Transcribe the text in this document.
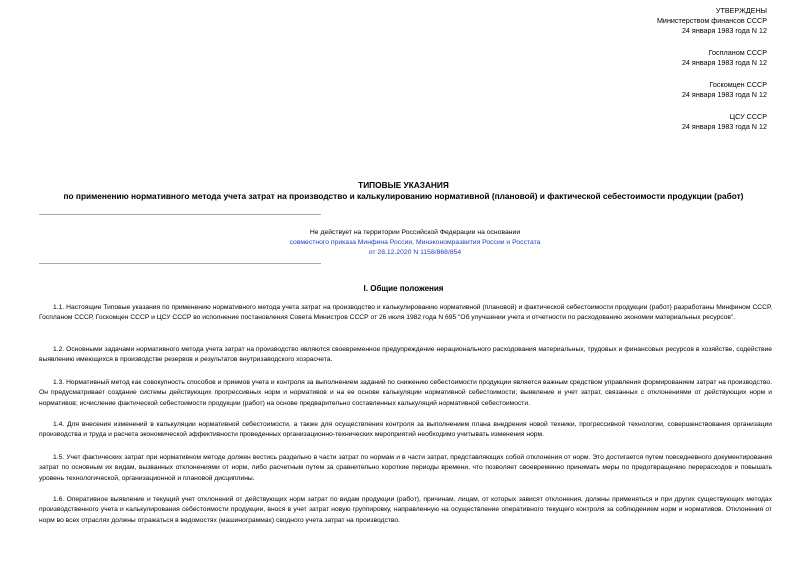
УТВЕРЖДЕНЫ
Министерством финансов СССР
24 января 1983 года N 12
Госпланом СССР
24 января 1983 года N 12
Госкомцен СССР
24 января 1983 года N 12
ЦСУ СССР
24 января 1983 года N 12
ТИПОВЫЕ УКАЗАНИЯ
по применению нормативного метода учета затрат на производство и калькулированию нормативной (плановой) и фактической себестоимости продукции (работ)
Не действует на территории Российской Федерации на основании
совместного приказа Минфина России, Минэкономразвития России и Росстата
от 28.12.2020 N 1158/868/854
I. Общие положения
1.1. Настоящие Типовые указания по применению нормативного метода учета затрат на производство и калькулированию нормативной (плановой) и фактической себестоимости продукции (работ) разработаны Минфином СССР, Госпланом СССР, Госкомцен СССР и ЦСУ СССР во исполнение постановления Совета Министров СССР от 26 июля 1982 года N 695 "Об улучшении учета и отчетности по расходованию экономии материальных ресурсов".
1.2. Основными задачами нормативного метода учета затрат на производство являются своевременное предупреждение нерационального расходования материальных, трудовых и финансовых ресурсов в хозяйстве, содействие выявлению имеющихся в производстве резервов и результатов внутризаводского хозрасчета.
1.3. Нормативный метод как совокупность способов и приемов учета и контроля за выполнением заданий по снижению себестоимости продукции является важным средством управления формированием затрат на производство. Он предусматривает создание системы действующих прогрессивных норм и нормативов и на ее основе калькуляции нормативной себестоимости; выявление и учет затрат, связанных с отклонениями от действующих норм и нормативов; исчисление фактической себестоимости продукции (работ) на основе предварительно составленных калькуляций нормативной себестоимости.
1.4. Для внесения изменений в калькуляции нормативной себестоимости, а также для осуществления контроля за выполнением плана внедрения новой техники, прогрессивной технологии, совершенствования организации производства и труда и расчета экономической эффективности проведенных организационно-технических мероприятий необходимо учитывать изменения норм.
1.5. Учет фактических затрат при нормативном методе должен вестись раздельно в части затрат по нормам и в части затрат, представляющих собой отклонения от норм. Это достигается путем повседневного документирования затрат по основным их видам, вызванных отклонениями от норм, либо расчетным путем за сравнительно короткие периоды времени, что позволяет своевременно принимать меры по предотвращению перерасходов и повышать уровень технологической, организационной и плановой дисциплины.
1.6. Оперативное выявление и текущий учет отклонений от действующих норм затрат по видам продукции (работ), причинам, лицам, от которых зависят отклонения, должны применяться и при других существующих методах производственного учета и калькулирования себестоимости продукции, внося в учет затрат новую группировку, направленную на осуществление оперативного текущего контроля за соблюдением норм и нормативов. Отклонения от норм во всех отраслях должны отражаться в ведомостях (машинограммах) сводного учета затрат на производство.
